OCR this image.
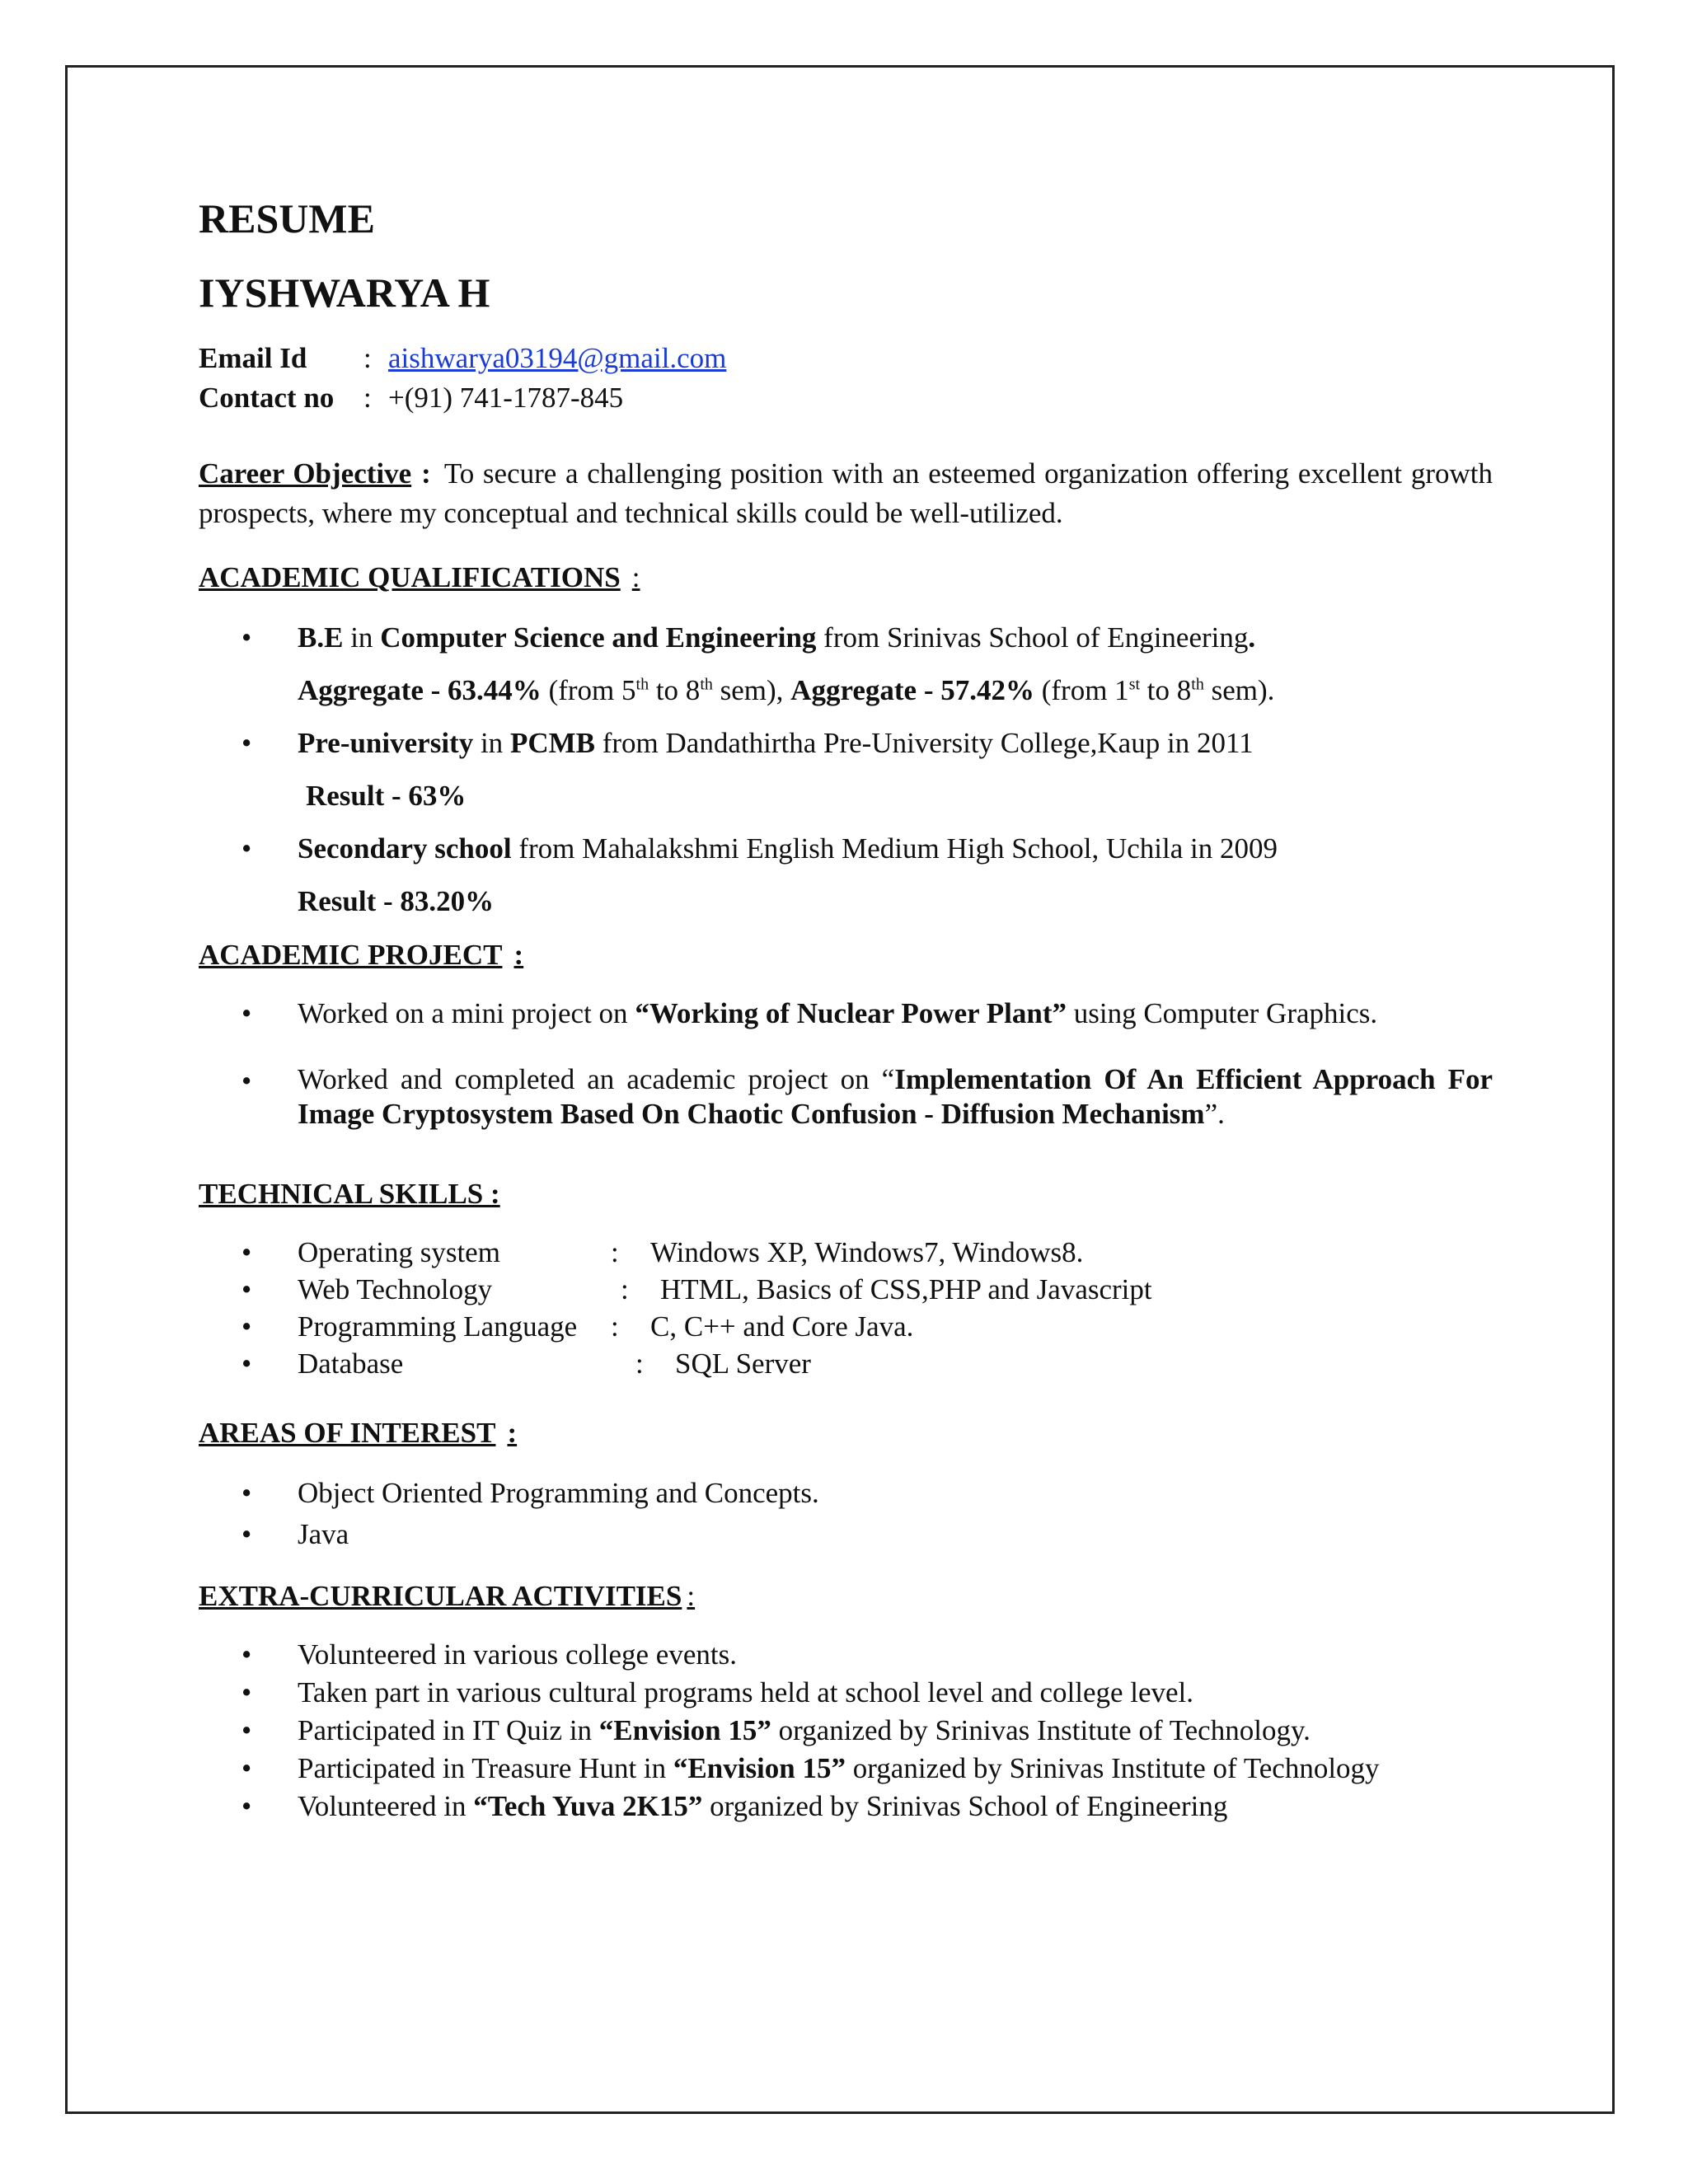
RESUME
IYSHWARYA H
Email Id	: aishwarya03194@gmail.com
Contact no	: +(91) 741-1787-845
Career Objective : To secure a challenging position with an esteemed organization offering excellent growth prospects, where my conceptual and technical skills could be well-utilized.
ACADEMIC QUALIFICATIONS :
• B.E in Computer Science and Engineering from Srinivas School of Engineering.
Aggregate - 63.44% (from 5th to 8th sem), Aggregate - 57.42% (from 1st to 8th sem).
• Pre-university in PCMB from Dandathirtha Pre-University College,Kaup in 2011
Result - 63%
• Secondary school from Mahalakshmi English Medium High School, Uchila in 2009
Result - 83.20%
ACADEMIC PROJECT :
• Worked on a mini project on “Working of Nuclear Power Plant” using Computer Graphics.
• Worked and completed an academic project on “Implementation Of An Efficient Approach For Image Cryptosystem Based On Chaotic Confusion - Diffusion Mechanism”.
TECHNICAL SKILLS :
• Operating system	:	Windows XP, Windows7, Windows8.
• Web Technology	:	HTML, Basics of CSS,PHP and Javascript
• Programming Language	:	C, C++ and Core Java.
• Database	:	SQL Server
AREAS OF INTEREST :
• Object Oriented Programming and Concepts.
• Java
EXTRA-CURRICULAR ACTIVITIES :
• Volunteered in various college events.
• Taken part in various cultural programs held at school level and college level.
• Participated in IT Quiz in “Envision 15” organized by Srinivas Institute of Technology.
• Participated in Treasure Hunt in “Envision 15” organized by Srinivas Institute of Technology
• Volunteered in “Tech Yuva 2K15” organized by Srinivas School of Engineering
